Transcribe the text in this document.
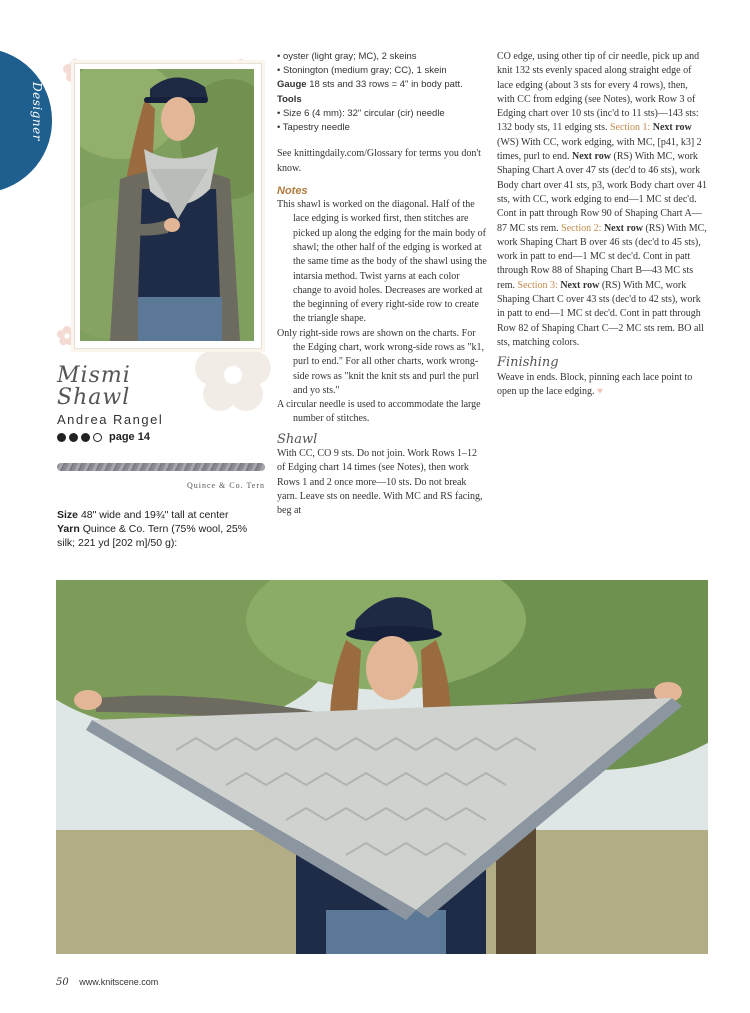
Designer
Mismi
Shawl
Andrea Rangel
page 14
Quince & Co. Tern
Size 48" wide and 19¾" tall at center
Yarn Quince & Co. Tern (75% wool, 25% silk; 221 yd [202 m]/50 g):

• oyster (light gray; MC), 2 skeins

• Stonington (medium gray; CC), 1 skein

Gauge 18 sts and 33 rows = 4" in body patt.

Tools

• Size 6 (4 mm): 32" circular (cir) needle

• Tapestry needle

See knittingdaily.com/Glossary for terms you don't know.

Notes

This shawl is worked on the diagonal. Half of the lace edging is worked first, then stitches are picked up along the edging for the main body of shawl; the other half of the edging is worked at the same time as the body of the shawl using the intarsia method. Twist yarns at each color change to avoid holes. Decreases are worked at the beginning of every right-side row to create the triangle shape.

Only right-side rows are shown on the charts. For the Edging chart, work wrong-side rows as "k1, purl to end." For all other charts, work wrong-side rows as "knit the knit sts and purl the purl and yo sts."

A circular needle is used to accommodate the large number of stitches.

Shawl

With CC, CO 9 sts. Do not join. Work Rows 1–12 of Edging chart 14 times (see Notes), then work Rows 1 and 2 once more—10 sts. Do not break yarn. Leave sts on needle. With MC and RS facing, beg at

CO edge, using other tip of cir needle, pick up and knit 132 sts evenly spaced along straight edge of lace edging (about 3 sts for every 4 rows), then, with CC from edging (see Notes), work Row 3 of Edging chart over 10 sts (inc'd to 11 sts)—143 sts: 132 body sts, 11 edging sts. Section 1: Next row (WS) With CC, work edging, with MC, [p41, k3] 2 times, purl to end. Next row (RS) With MC, work Shaping Chart A over 47 sts (dec'd to 46 sts), work Body chart over 41 sts, p3, work Body chart over 41 sts, with CC, work edging to end—1 MC st dec'd. Cont in patt through Row 90 of Shaping Chart A—87 MC sts rem. Section 2: Next row (RS) With MC, work Shaping Chart B over 46 sts (dec'd to 45 sts), work in patt to end—1 MC st dec'd. Cont in patt through Row 88 of Shaping Chart B—43 MC sts rem. Section 3: Next row (RS) With MC, work Shaping Chart C over 43 sts (dec'd to 42 sts), work in patt to end—1 MC st dec'd. Cont in patt through Row 82 of Shaping Chart C—2 MC sts rem. BO all sts, matching colors.

Finishing

Weave in ends. Block, pinning each lace point to open up the lace edging. ♥

50 www.knitscene.com
